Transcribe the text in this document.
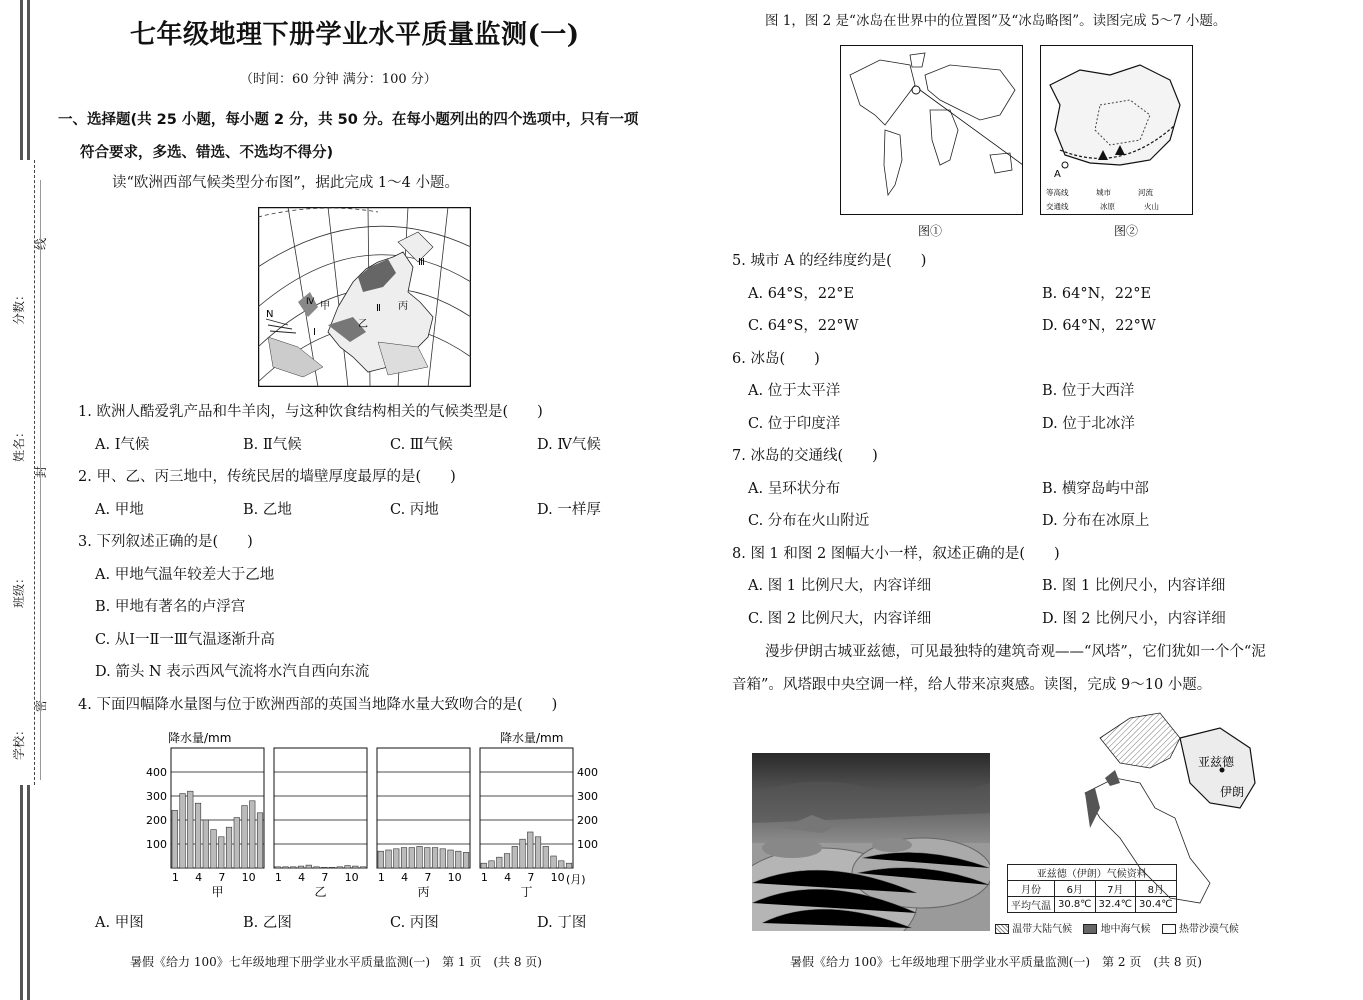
分数：
姓名：
班级：
学校：
线
封
密
七年级地理下册学业水平质量监测(一)
（时间：60 分钟 满分：100 分）
一、选择题(共 25 小题，每小题 2 分，共 50 分。在每小题列出的四个选项中，只有一项
符合要求，多选、错选、不选均不得分)
读“欧洲西部气候类型分布图”，据此完成 1～4 小题。
N
Ⅳ
Ⅰ
Ⅱ
Ⅲ
甲
乙
丙
1. 欧洲人酷爱乳产品和牛羊肉，与这种饮食结构相关的气候类型是(　　)
A. Ⅰ气候	B. Ⅱ气候	C. Ⅲ气候	D. Ⅳ气候
2. 甲、乙、丙三地中，传统民居的墙壁厚度最厚的是(　　)
A. 甲地	B. 乙地	C. 丙地	D. 一样厚
3. 下列叙述正确的是(　　)
A. 甲地气温年较差大于乙地
B. 甲地有著名的卢浮宫
C. 从Ⅰ一Ⅱ一Ⅲ气温逐渐升高
D. 箭头 N 表示西风气流将水汽自西向东流
4. 下面四幅降水量图与位于欧洲西部的英国当地降水量大致吻合的是(　　)
降水量/mm	降水量/mm
1 4 7 10
甲
1 4 7 10
乙
1 4 7 10
丙
1 4 7 10
丁
100	100
200	200
300	300
400	400
(月)
A. 甲图	B. 乙图	C. 丙图	D. 丁图
暑假《给力 100》七年级地理下册学业水平质量监测(一)　第 1 页　(共 8 页)
图 1，图 2 是“冰岛在世界中的位置图”及“冰岛略图”。读图完成 5～7 小题。
A
等高线	城市	河流
交通线	冰原	火山
图①	图②
5. 城市 A 的经纬度约是(　　)
A. 64°S，22°E	B. 64°N，22°E
C. 64°S，22°W	D. 64°N，22°W
6. 冰岛(　　)
A. 位于太平洋	B. 位于大西洋
C. 位于印度洋	D. 位于北冰洋
7. 冰岛的交通线(　　)
A. 呈环状分布	B. 横穿岛屿中部
C. 分布在火山附近	D. 分布在冰原上
8. 图 1 和图 2 图幅大小一样，叙述正确的是(　　)
A. 图 1 比例尺大，内容详细	B. 图 1 比例尺小，内容详细
C. 图 2 比例尺大，内容详细	D. 图 2 比例尺小，内容详细
漫步伊朗古城亚兹德，可见最独特的建筑奇观——“风塔”，它们犹如一个个“泥
音箱”。风塔跟中央空调一样，给人带来凉爽感。读图，完成 9～10 小题。
亚兹德
伊朗
亚兹德（伊朗）气候资料			
月份	6月	7月	8月
平均气温	30.8℃	32.4℃	30.4℃
温带大陆气候	地中海气候	热带沙漠气候
暑假《给力 100》七年级地理下册学业水平质量监测(一)　第 2 页　(共 8 页)
